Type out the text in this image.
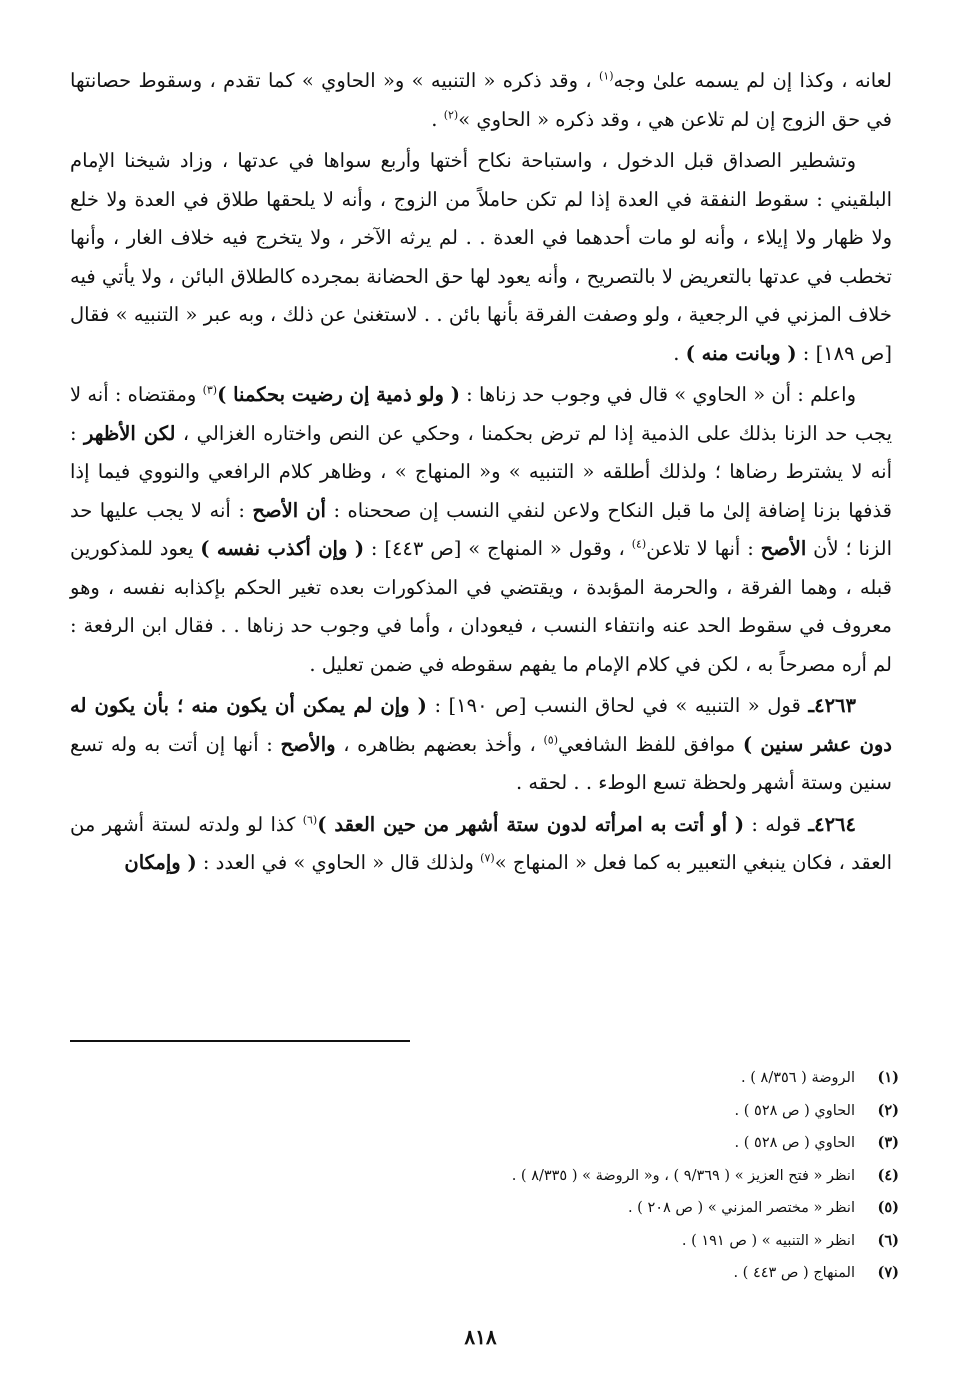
لعانه ، وكذا إن لم يسمه علىٰ وجه$^{(١)}$ ، وقد ذكره « التنبيه » و« الحاوي » كما تقدم ، وسقوط حصانتها في حق الزوج إن لم تلاعن هي ، وقد ذكره « الحاوي »$^{(٢)}$ .

وتشطير الصداق قبل الدخول ، واستباحة نكاح أختها وأربع سواها في عدتها ، وزاد شيخنا الإمام البلقيني : سقوط النفقة في العدة إذا لم تكن حاملاً من الزوج ، وأنه لا يلحقها طلاق في العدة ولا خلع ولا ظهار ولا إيلاء ، وأنه لو مات أحدهما في العدة . . لم يرثه الآخر ، ولا يتخرج فيه خلاف الغار ، وأنها تخطب في عدتها بالتعريض لا بالتصريح ، وأنه يعود لها حق الحضانة بمجرده كالطلاق البائن ، ولا يأتي فيه خلاف المزني في الرجعية ، ولو وصفت الفرقة بأنها بائن . . لاستغنىٰ عن ذلك ، وبه عبر « التنبيه » فقال [ص ١٨٩] : ( وبانت منه ) .

واعلم : أن « الحاوي » قال في وجوب حد زناها : ( ولو ذمية إن رضيت بحكمنا )$^{(٣)}$ ومقتضاه : أنه لا يجب حد الزنا بذلك على الذمية إذا لم ترض بحكمنا ، وحكي عن النص واختاره الغزالي ، لكن الأظهر : أنه لا يشترط رضاها ؛ ولذلك أطلقه « التنبيه » و« المنهاج » ، وظاهر كلام الرافعي والنووي فيما إذا قذفها بزنا إضافة إلىٰ ما قبل النكاح ولاعن لنفي النسب إن صححناه : أن الأصح : أنه لا يجب عليها حد الزنا ؛ لأن الأصح : أنها لا تلاعن$^{(٤)}$ ، وقول « المنهاج » [ص ٤٤٣] : ( وإن أكذب نفسه ) يعود للمذكورين قبله ، وهما الفرقة ، والحرمة المؤبدة ، ويقتضي في المذكورات بعده تغير الحكم بإكذابه نفسه ، وهو معروف في سقوط الحد عنه وانتفاء النسب ، فيعودان ، وأما في وجوب حد زناها . . فقال ابن الرفعة : لم أره مصرحاً به ، لكن في كلام الإمام ما يفهم سقوطه في ضمن تعليل .

٤٢٦٣ـ قول « التنبيه » في لحاق النسب [ص ١٩٠] : ( وإن لم يمكن أن يكون منه ؛ بأن يكون له دون عشر سنين ) موافق للفظ الشافعي$^{(٥)}$ ، وأخذ بعضهم بظاهره ، والأصح : أنها إن أتت به وله تسع سنين وستة أشهر ولحظة تسع الوطء . . لحقه .

٤٢٦٤ـ قوله : ( أو أتت به امرأته لدون ستة أشهر من حين العقد )$^{(٦)}$ كذا لو ولدته لستة أشهر من العقد ، فكان ينبغي التعبير به كما فعل « المنهاج »$^{(٧)}$ ولذلك قال « الحاوي » في العدد : ( وإمكان

(١)
الروضة ( ٨/٣٥٦ ) .
(٢)
الحاوي ( ص ٥٢٨ ) .
(٣)
الحاوي ( ص ٥٢٨ ) .
(٤)
انظر « فتح العزيز » ( ٩/٣٦٩ ) ، و« الروضة » ( ٨/٣٣٥ ) .
(٥)
انظر « مختصر المزني » ( ص ٢٠٨ ) .
(٦)
انظر « التنبيه » ( ص ١٩١ ) .
(٧)
المنهاج ( ص ٤٤٣ ) .
٨١٨
